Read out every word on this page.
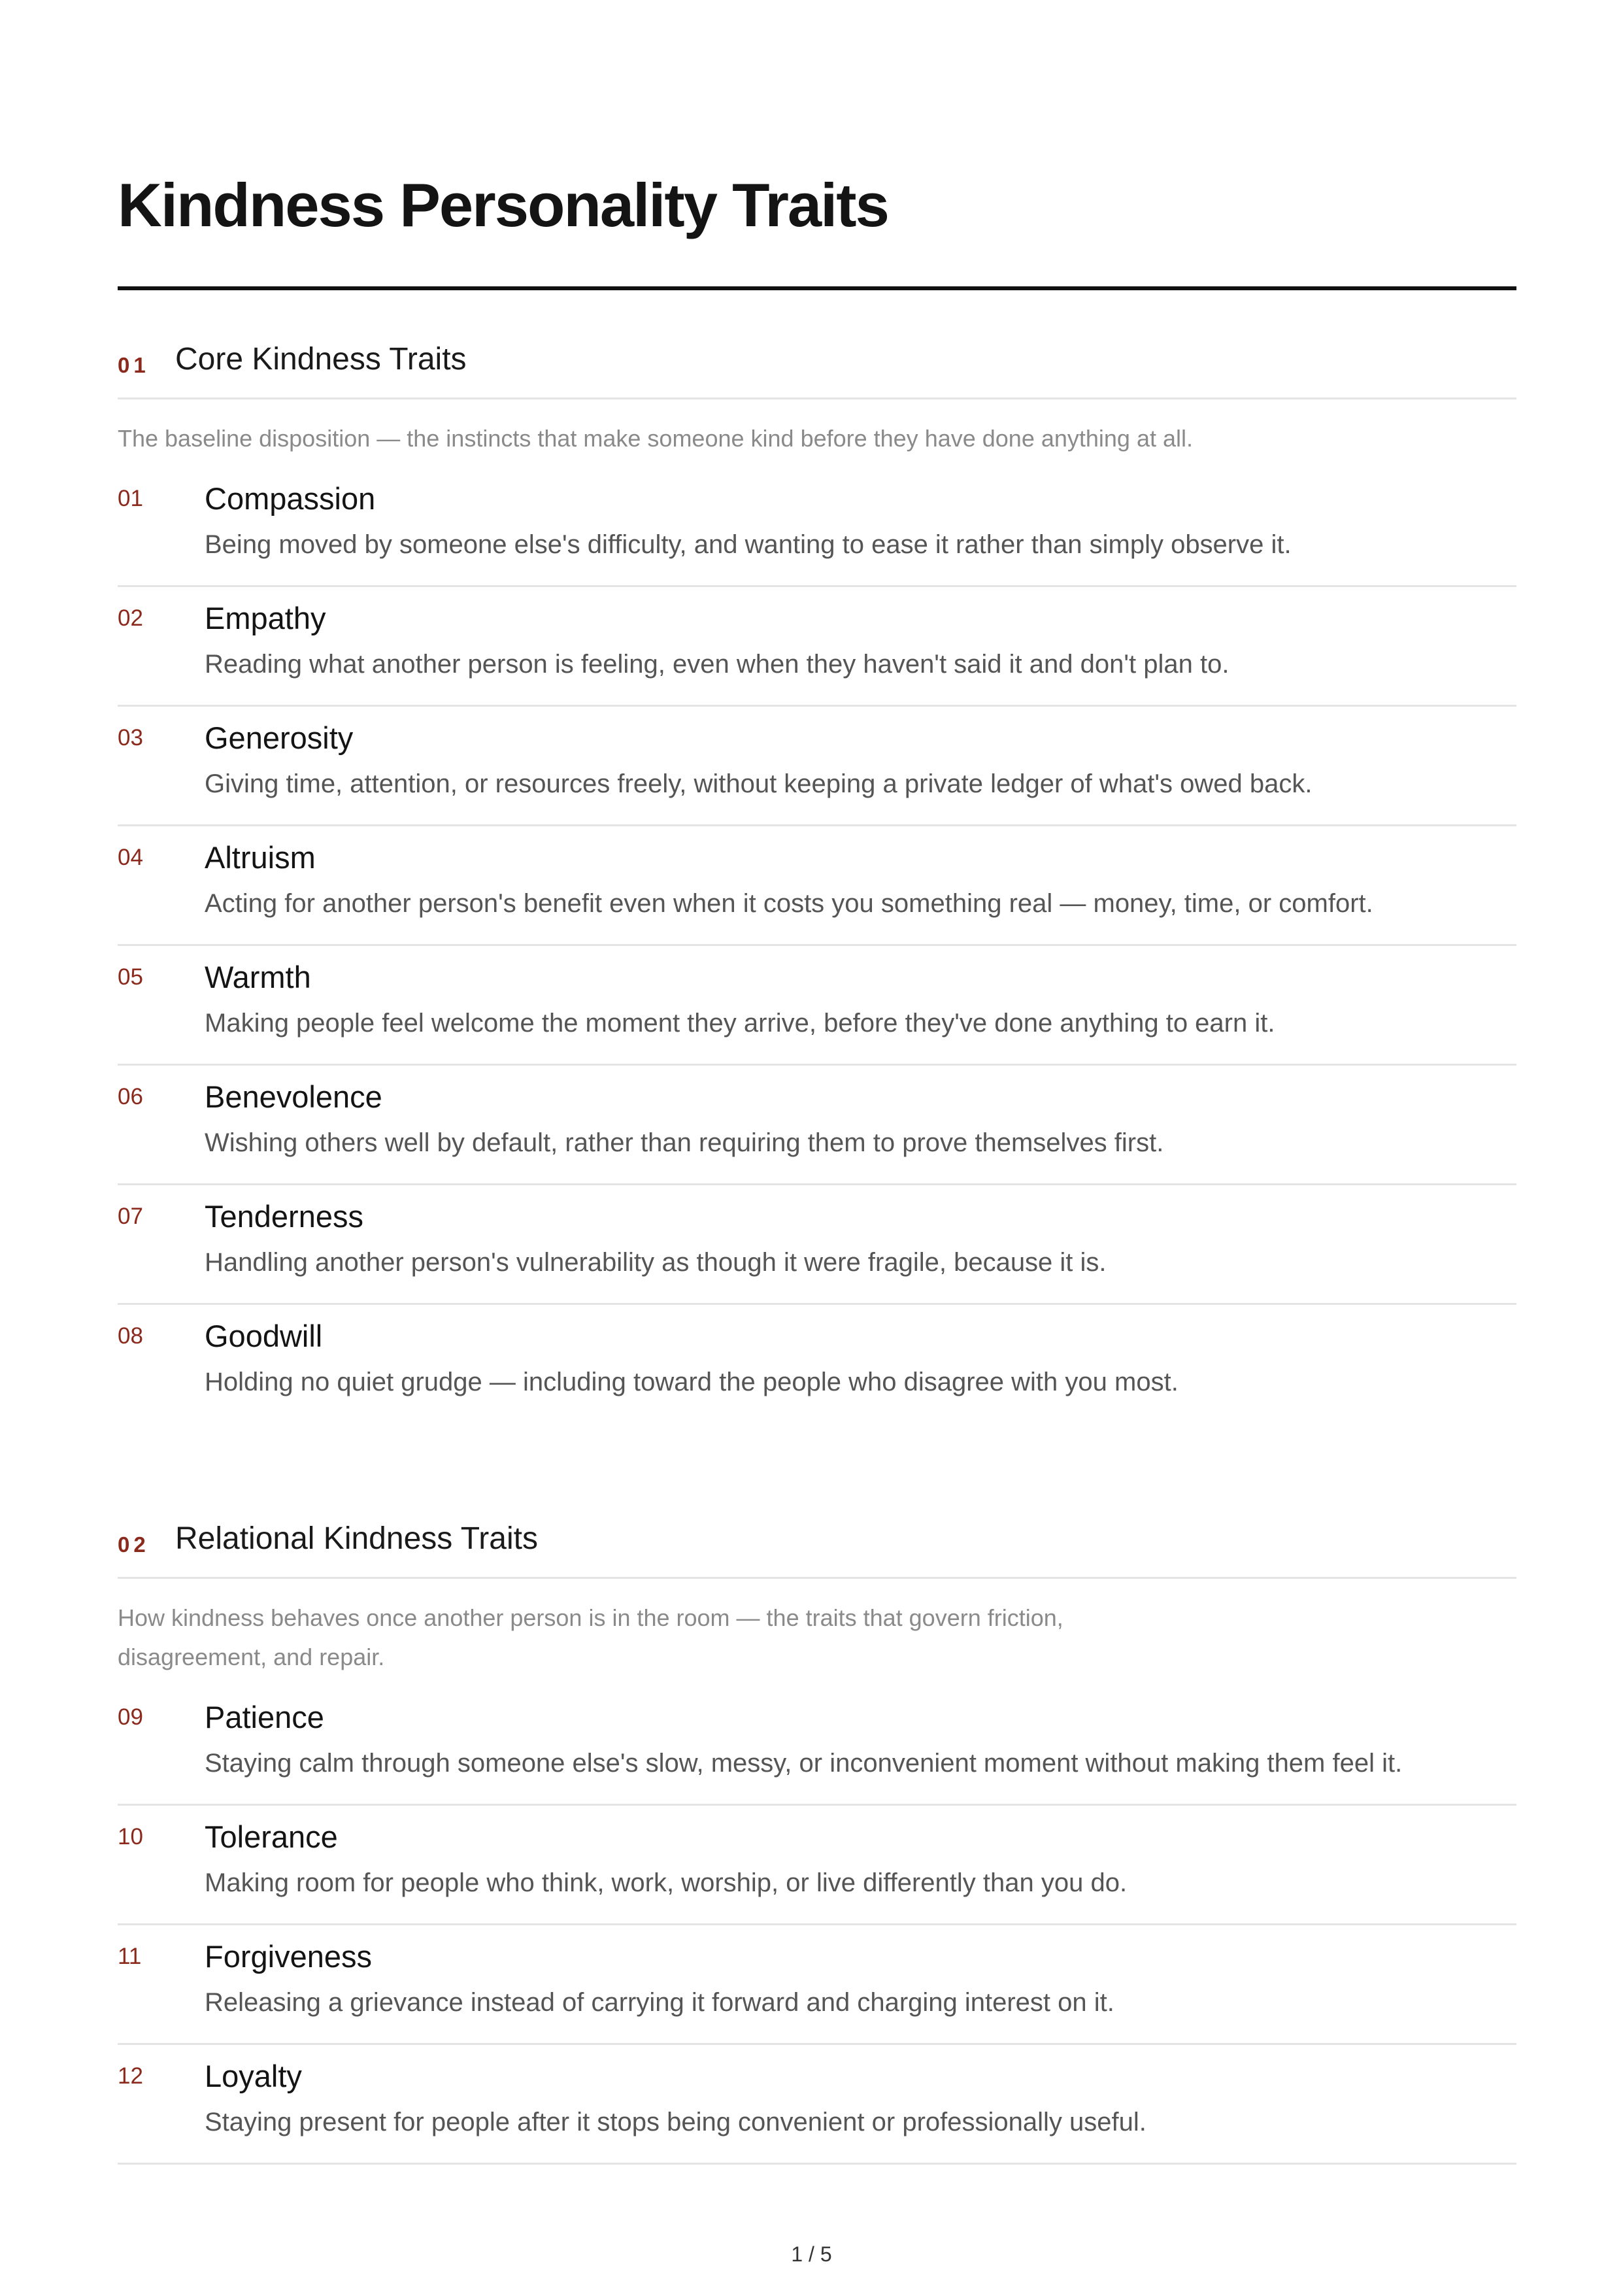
Kindness Personality Traits
01 Core Kindness Traits

The baseline disposition — the instincts that make someone kind before they have done anything at all.

01 Compassion
Being moved by someone else's difficulty, and wanting to ease it rather than simply observe it.
02 Empathy
Reading what another person is feeling, even when they haven't said it and don't plan to.
03 Generosity
Giving time, attention, or resources freely, without keeping a private ledger of what's owed back.
04 Altruism
Acting for another person's benefit even when it costs you something real — money, time, or comfort.
05 Warmth
Making people feel welcome the moment they arrive, before they've done anything to earn it.
06 Benevolence
Wishing others well by default, rather than requiring them to prove themselves first.
07 Tenderness
Handling another person's vulnerability as though it were fragile, because it is.
08 Goodwill
Holding no quiet grudge — including toward the people who disagree with you most.
02 Relational Kindness Traits

How kindness behaves once another person is in the room — the traits that govern friction, disagreement, and repair.

09 Patience
Staying calm through someone else's slow, messy, or inconvenient moment without making them feel it.
10 Tolerance
Making room for people who think, work, worship, or live differently than you do.
11 Forgiveness
Releasing a grievance instead of carrying it forward and charging interest on it.
12 Loyalty
Staying present for people after it stops being convenient or professionally useful.
1 / 5
